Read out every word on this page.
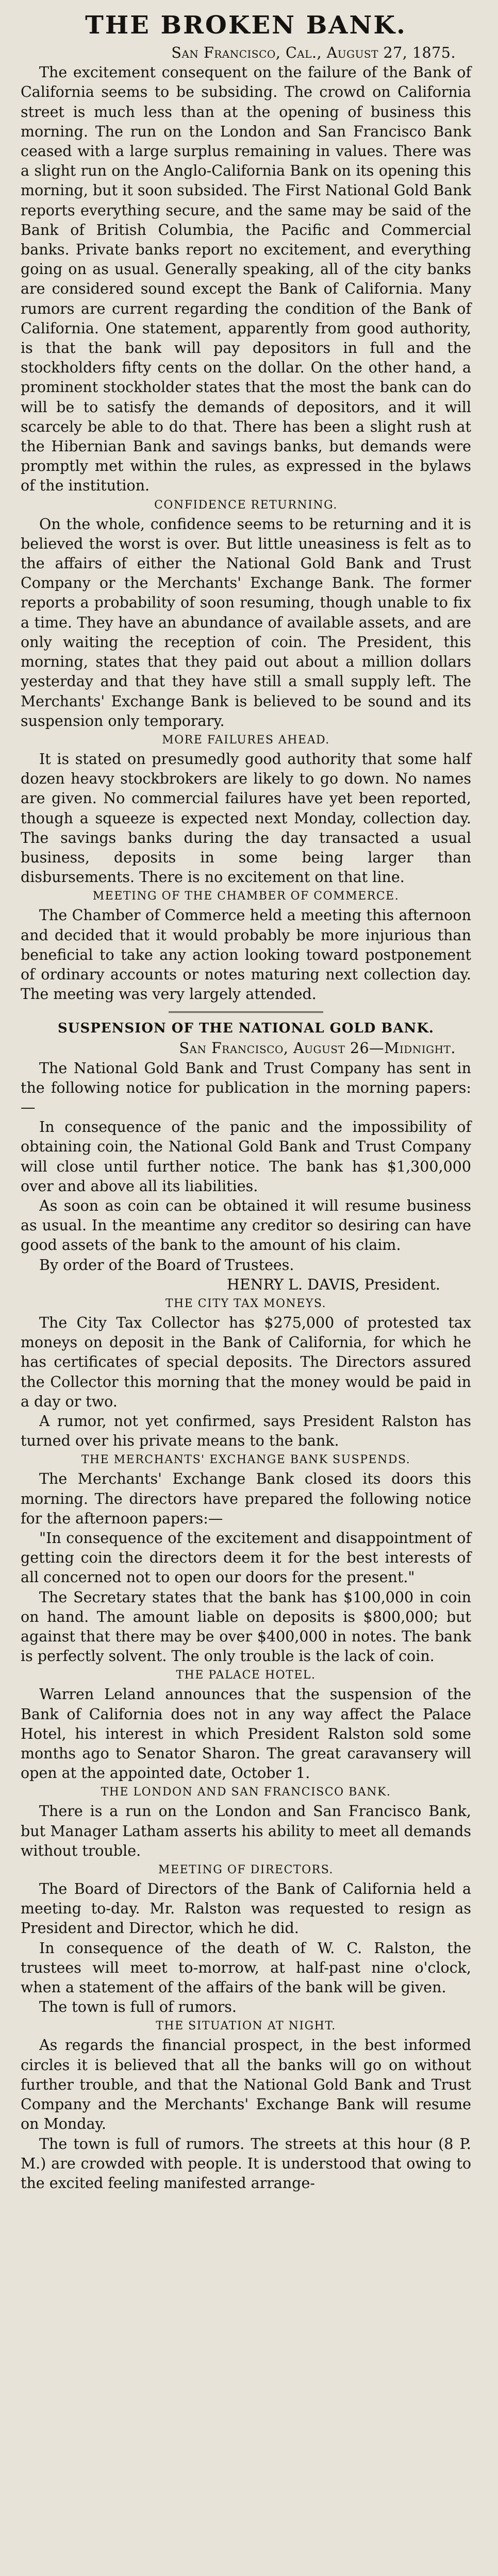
THE BROKEN BANK.

San Francisco, Cal., August 27, 1875.

The excitement consequent on the failure of the Bank of California seems to be subsiding. The crowd on California street is much less than at the opening of business this morning. The run on the London and San Francisco Bank ceased with a large surplus remaining in values. There was a slight run on the Anglo-California Bank on its opening this morning, but it soon subsided. The First National Gold Bank reports everything secure, and the same may be said of the Bank of British Columbia, the Pacific and Commercial banks. Private banks report no excitement, and everything going on as usual. Generally speaking, all of the city banks are considered sound except the Bank of California. Many rumors are current regarding the condition of the Bank of California. One statement, apparently from good authority, is that the bank will pay depositors in full and the stockholders fifty cents on the dollar. On the other hand, a prominent stockholder states that the most the bank can do will be to satisfy the demands of depositors, and it will scarcely be able to do that. There has been a slight rush at the Hibernian Bank and savings banks, but demands were promptly met within the rules, as expressed in the bylaws of the institution.

CONFIDENCE RETURNING.

On the whole, confidence seems to be returning and it is believed the worst is over. But little uneasiness is felt as to the affairs of either the National Gold Bank and Trust Company or the Merchants' Exchange Bank. The former reports a probability of soon resuming, though unable to fix a time. They have an abundance of available assets, and are only waiting the reception of coin. The President, this morning, states that they paid out about a million dollars yesterday and that they have still a small supply left. The Merchants' Exchange Bank is believed to be sound and its suspension only temporary.

MORE FAILURES AHEAD.

It is stated on presumedly good authority that some half dozen heavy stockbrokers are likely to go down. No names are given. No commercial failures have yet been reported, though a squeeze is expected next Monday, collection day. The savings banks during the day transacted a usual business, deposits in some being larger than disbursements. There is no excitement on that line.

MEETING OF THE CHAMBER OF COMMERCE.

The Chamber of Commerce held a meeting this afternoon and decided that it would probably be more injurious than beneficial to take any action looking toward postponement of ordinary accounts or notes maturing next collection day. The meeting was very largely attended.

SUSPENSION OF THE NATIONAL GOLD BANK.

San Francisco, August 26—Midnight.

The National Gold Bank and Trust Company has sent in the following notice for publication in the morning papers:—

In consequence of the panic and the impossibility of obtaining coin, the National Gold Bank and Trust Company will close until further notice. The bank has $1,300,000 over and above all its liabilities.

As soon as coin can be obtained it will resume business as usual. In the meantime any creditor so desiring can have good assets of the bank to the amount of his claim.

By order of the Board of Trustees.

HENRY L. DAVIS, President.

THE CITY TAX MONEYS.

The City Tax Collector has $275,000 of protested tax moneys on deposit in the Bank of California, for which he has certificates of special deposits. The Directors assured the Collector this morning that the money would be paid in a day or two.

A rumor, not yet confirmed, says President Ralston has turned over his private means to the bank.

THE MERCHANTS' EXCHANGE BANK SUSPENDS.

The Merchants' Exchange Bank closed its doors this morning. The directors have prepared the following notice for the afternoon papers:—

"In consequence of the excitement and disappointment of getting coin the directors deem it for the best interests of all concerned not to open our doors for the present."

The Secretary states that the bank has $100,000 in coin on hand. The amount liable on deposits is $800,000; but against that there may be over $400,000 in notes. The bank is perfectly solvent. The only trouble is the lack of coin.

THE PALACE HOTEL.

Warren Leland announces that the suspension of the Bank of California does not in any way affect the Palace Hotel, his interest in which President Ralston sold some months ago to Senator Sharon. The great caravansery will open at the appointed date, October 1.

THE LONDON AND SAN FRANCISCO BANK.

There is a run on the London and San Francisco Bank, but Manager Latham asserts his ability to meet all demands without trouble.

MEETING OF DIRECTORS.

The Board of Directors of the Bank of California held a meeting to-day. Mr. Ralston was requested to resign as President and Director, which he did.

In consequence of the death of W. C. Ralston, the trustees will meet to-morrow, at half-past nine o'clock, when a statement of the affairs of the bank will be given.

The town is full of rumors.

THE SITUATION AT NIGHT.

As regards the financial prospect, in the best informed circles it is believed that all the banks will go on without further trouble, and that the National Gold Bank and Trust Company and the Merchants' Exchange Bank will resume on Monday.

The town is full of rumors. The streets at this hour (8 P. M.) are crowded with people. It is understood that owing to the excited feeling manifested arrange-
